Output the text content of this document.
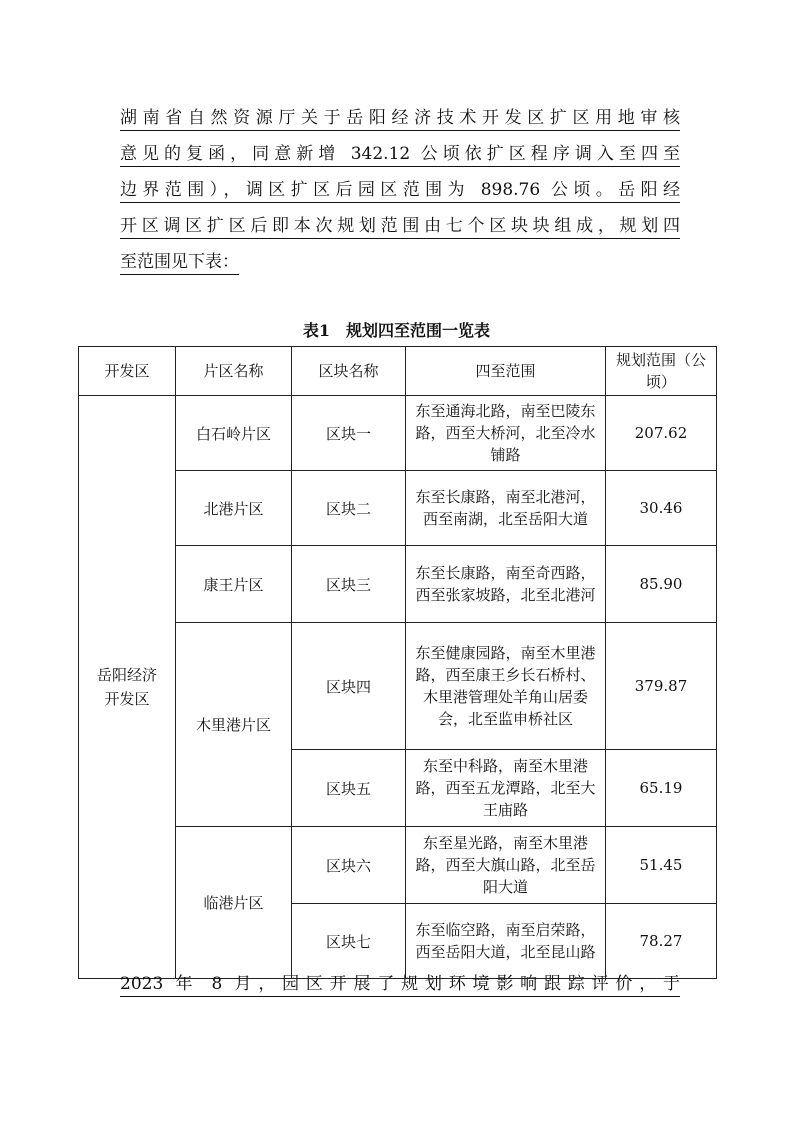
湖南省自然资源厅关于岳阳经济技术开发区扩区用地审核
意见的复函，同意新增 342.12 公顷依扩区程序调入至四至
边界范围），调区扩区后园区范围为 898.76 公顷。岳阳经
开区调区扩区后即本次规划范围由七个区块块组成，规划四
至范围见下表：
表1　规划四至范围一览表
开发区	片区名称	区块名称	四至范围	规划范围（公顷）
岳阳经济开发区	白石岭片区	区块一	东至通海北路，南至巴陵东路，西至大桥河，北至冷水铺路	207.62
	北港片区	区块二	东至长康路，南至北港河，西至南湖，北至岳阳大道	30.46
	康王片区	区块三	东至长康路，南至奇西路，西至张家坡路，北至北港河	85.90
	木里港片区	区块四	东至健康园路，南至木里港路，西至康王乡长石桥村、木里港管理处羊角山居委会，北至监申桥社区	379.87
		区块五	东至中科路，南至木里港路，西至五龙潭路，北至大王庙路	65.19
	临港片区	区块六	东至星光路，南至木里港路，西至大旗山路，北至岳阳大道	51.45
		区块七	东至临空路，南至启荣路，西至岳阳大道，北至昆山路	78.27
2023 年 8 月，园区开展了规划环境影响跟踪评价，于
